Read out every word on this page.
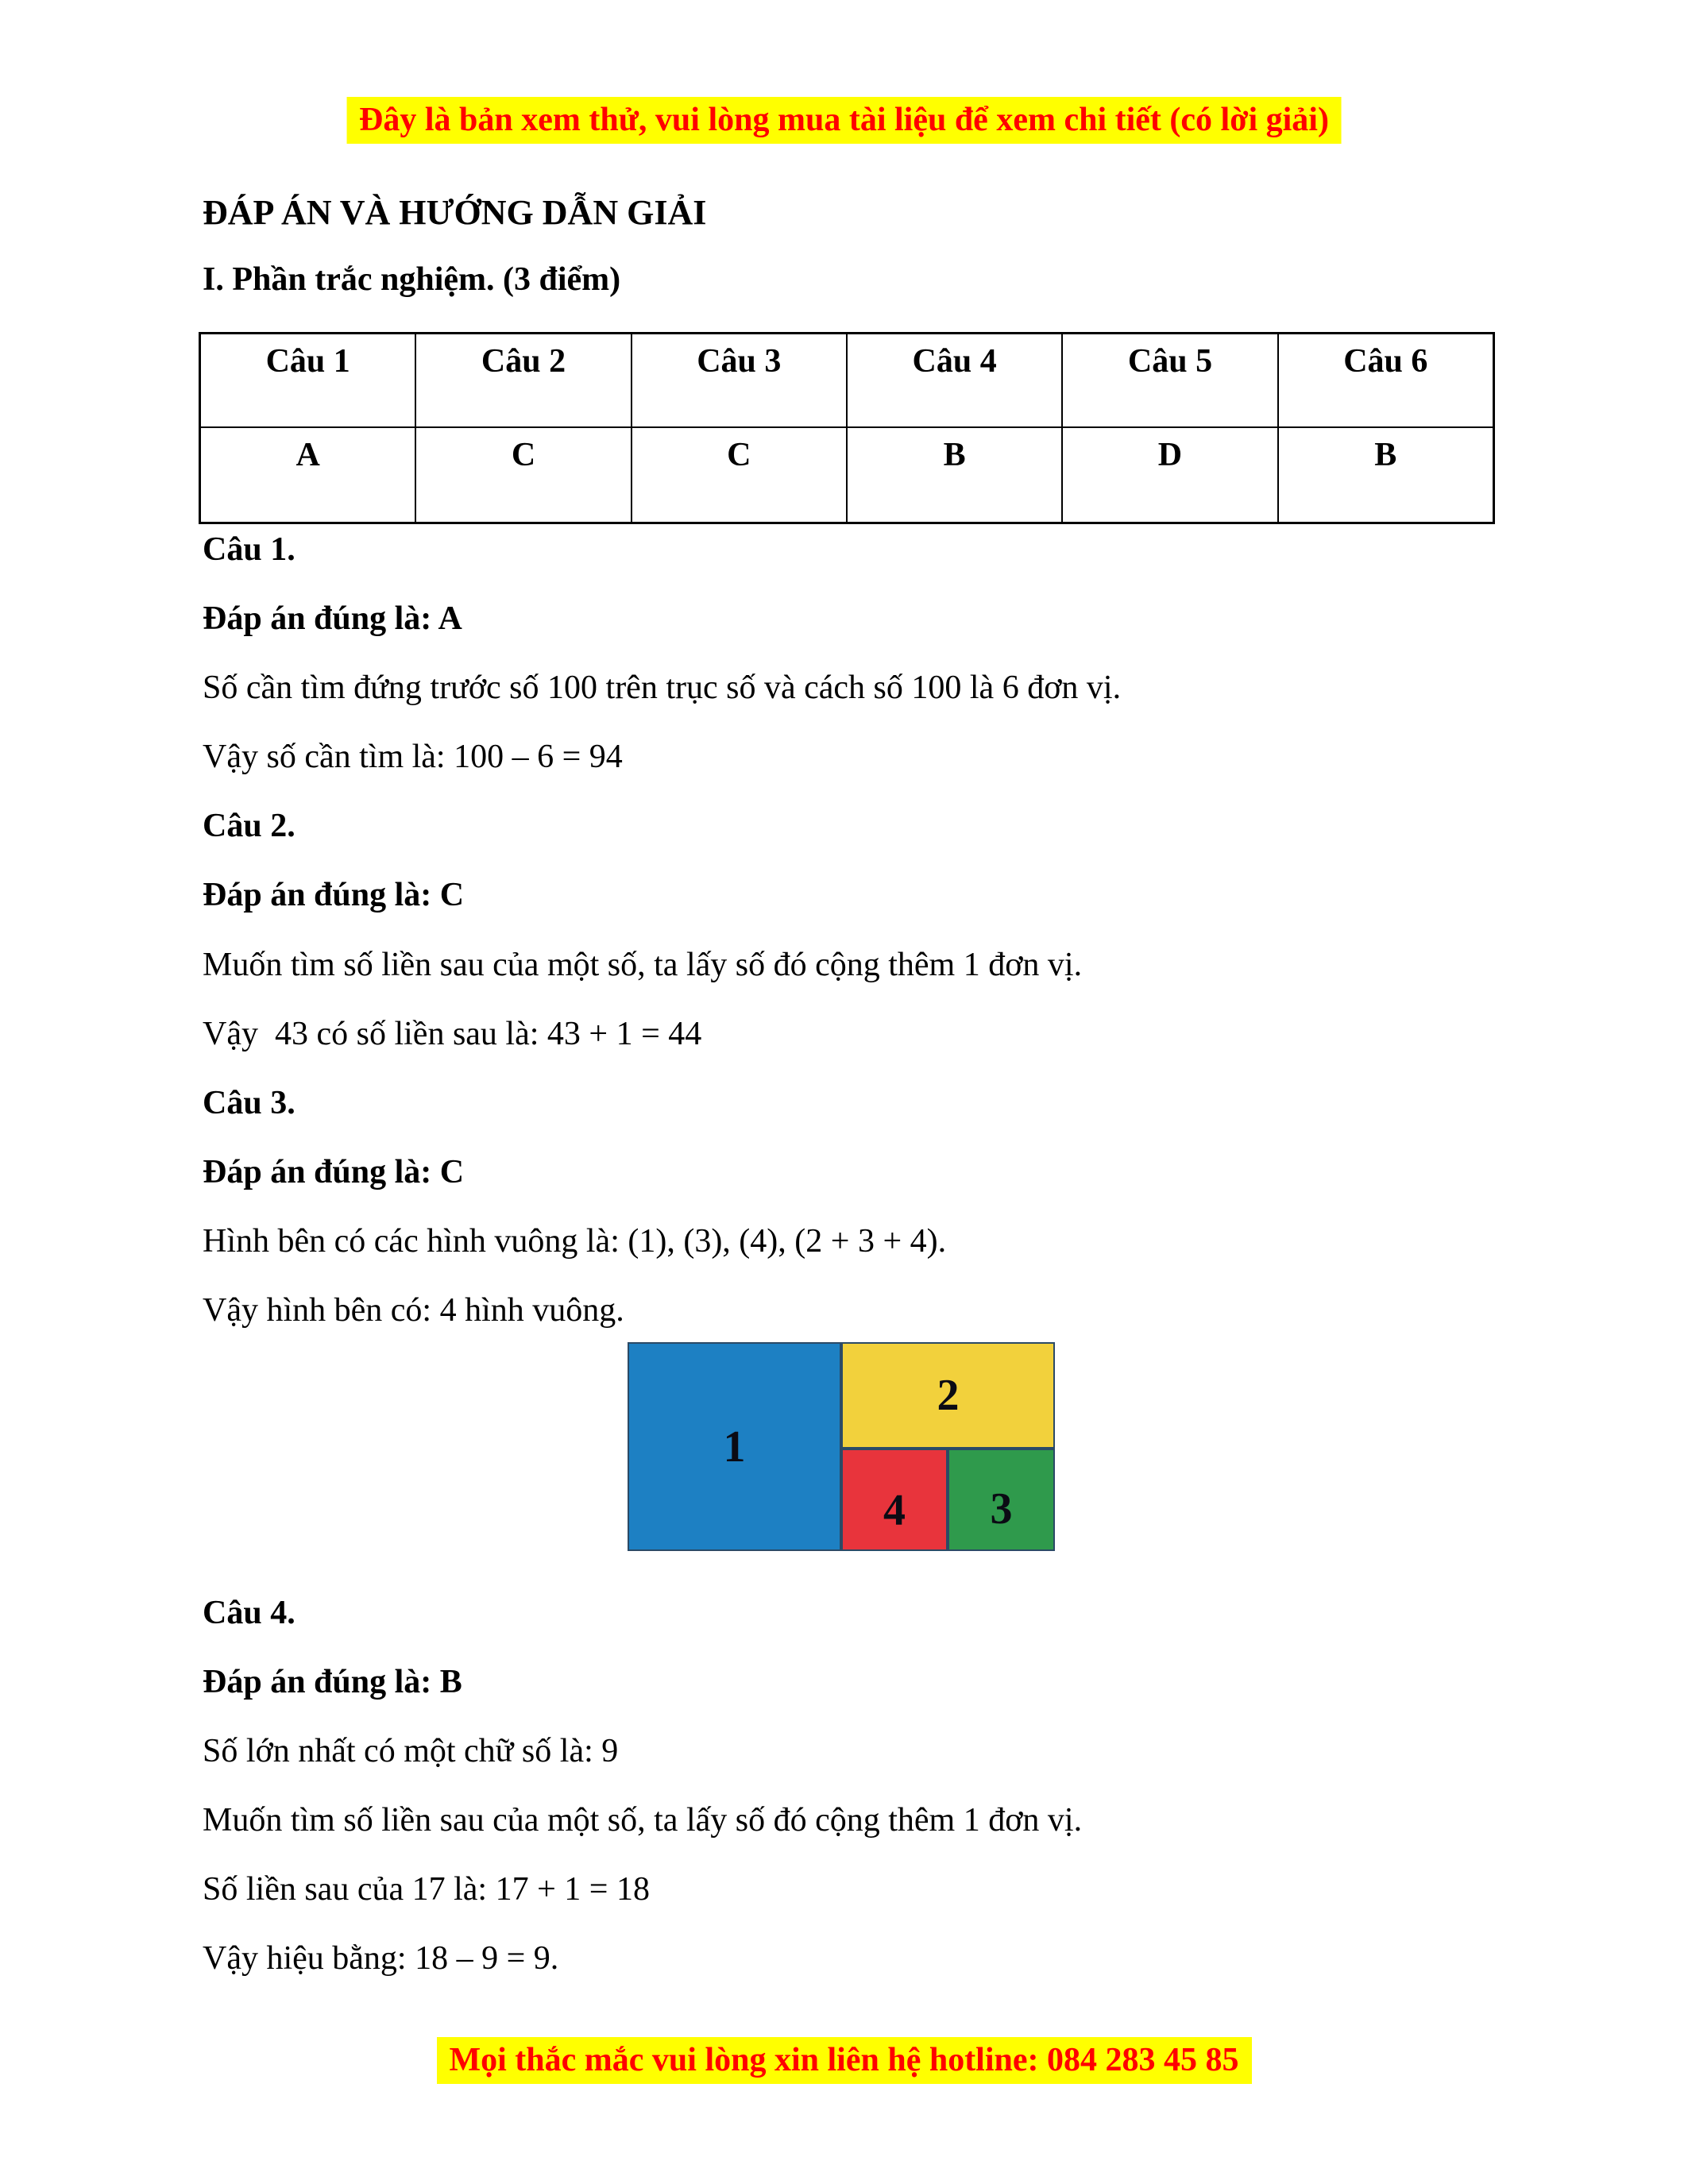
Đây là bản xem thử, vui lòng mua tài liệu để xem chi tiết (có lời giải)
ĐÁP ÁN VÀ HƯỚNG DẪN GIẢI
I. Phần trắc nghiệm. (3 điểm)
Câu 1	Câu 2	Câu 3	Câu 4	Câu 5	Câu 6
A	C	C	B	D	B
Câu 1.
Đáp án đúng là: A
Số cần tìm đứng trước số 100 trên trục số và cách số 100 là 6 đơn vị.
Vậy số cần tìm là: 100 – 6 = 94
Câu 2.
Đáp án đúng là: C
Muốn tìm số liền sau của một số, ta lấy số đó cộng thêm 1 đơn vị.
Vậy  43 có số liền sau là: 43 + 1 = 44
Câu 3.
Đáp án đúng là: C
Hình bên có các hình vuông là: (1), (3), (4), (2 + 3 + 4).
Vậy hình bên có: 4 hình vuông.
1
2
4 3
Câu 4.
Đáp án đúng là: B
Số lớn nhất có một chữ số là: 9
Muốn tìm số liền sau của một số, ta lấy số đó cộng thêm 1 đơn vị.
Số liền sau của 17 là: 17 + 1 = 18
Vậy hiệu bằng: 18 – 9 = 9.
Mọi thắc mắc vui lòng xin liên hệ hotline: 084 283 45 85
